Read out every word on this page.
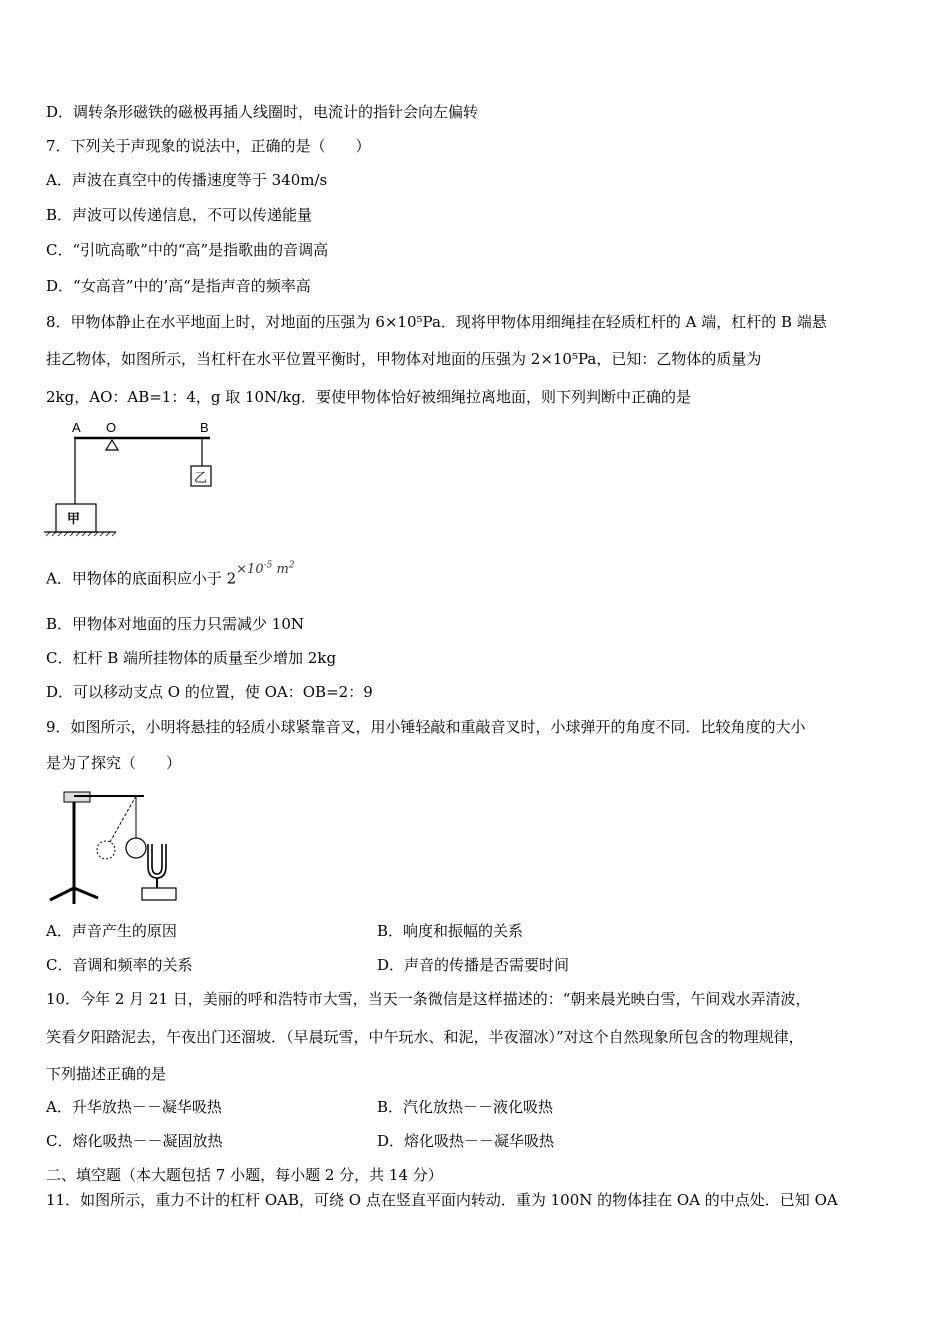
D．调转条形磁铁的磁极再插人线圈时，电流计的指针会向左偏转
7．下列关于声现象的说法中，正确的是（　　）
A．声波在真空中的传播速度等于 340m/s
B．声波可以传递信息，不可以传递能量
C．“引吭高歌”中的“高”是指歌曲的音调高
D．“女高音”中的’高“是指声音的频率高
8．甲物体静止在水平地面上时，对地面的压强为 6×10⁵Pa．现将甲物体用细绳挂在轻质杠杆的 A 端，杠杆的 B 端悬
挂乙物体，如图所示，当杠杆在水平位置平衡时，甲物体对地面的压强为 2×10⁵Pa，已知：乙物体的质量为
2kg，AO：AB=1：4，g 取 10N/kg．要使甲物体恰好被细绳拉离地面，则下列判断中正确的是
A O	B
乙
甲
A．甲物体的底面积应小于 $2\times 10^{-5}$ $m^2$
B．甲物体对地面的压力只需减少 10N
C．杠杆 B 端所挂物体的质量至少增加 2kg
D．可以移动支点 O 的位置，使 OA：OB=2：9
9．如图所示，小明将悬挂的轻质小球紧靠音叉，用小锤轻敲和重敲音叉时，小球弹开的角度不同．比较角度的大小
是为了探究（　　）
A．声音产生的原因	B．响度和振幅的关系
C．音调和频率的关系	D．声音的传播是否需要时间
10．今年 2 月 21 日，美丽的呼和浩特市大雪，当天一条微信是这样描述的：“朝来晨光映白雪，午间戏水弄清波，
笑看夕阳踏泥去，午夜出门还溜坡．（早晨玩雪，中午玩水、和泥，半夜溜冰）”对这个自然现象所包含的物理规律，
下列描述正确的是
A．升华放热－－凝华吸热	B．汽化放热－－液化吸热
C．熔化吸热－－凝固放热	D．熔化吸热－－凝华吸热
二、填空题（本大题包括 7 小题，每小题 2 分，共 14 分）
11．如图所示，重力不计的杠杆 OAB，可绕 O 点在竖直平面内转动．重为 100N 的物体挂在 OA 的中点处．已知 OA
